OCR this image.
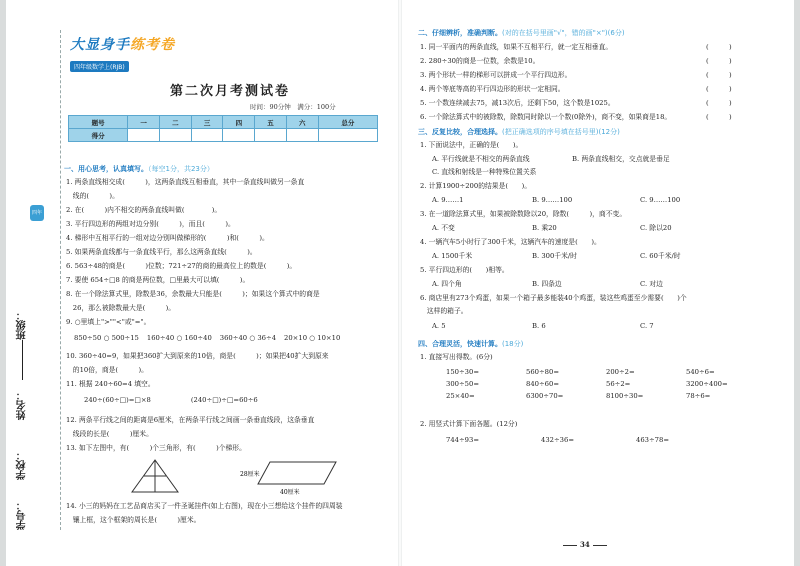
四年级数学
班级：
姓名：
学校：
学号：
大显身手练考卷
四年级数学上(RJB)
第二次月考测试卷
时间：90分钟　满分：100分
题号	一	二	三	四	五	六	总分
得分							
一、用心思考，认真填写。（每空1分，共23分）
1. 两条直线相交成(　　　)，这两条直线互相垂直，其中一条直线叫做另一条直
　线的(　　　)。
2. 在(　　　)内不相交的两条直线叫做(　　　　)。
3. 平行四边形的两组对边分别(　　　)，而且(　　　)。
4. 梯形中互相平行的一组对边分别叫做梯形的(　　　)和(　　　)。
5. 如果两条直线都与一条直线平行，那么这两条直线(　　　)。
6. 563÷48的商是(　　　)位数；721÷27的商的最高位上的数是(　　　)。
7. 要使 654÷□8 的商是两位数，□里最大可以填(　　　)。
8. 在一个除法算式里，除数是36，余数最大只能是(　　　)；如果这个算式中的商是
　26，那么被除数最大是(　　　)。
9. ○里填上">""<"或"="。
850÷50 ○ 500÷15 160÷40 ○ 160÷40 360÷40 ○ 36÷4 20×10 ○ 10×10
10. 360÷40=9，如果把360扩大到原来的10倍，商是(　　　)；如果把40扩大到原来
　的10倍，商是(　　　)。
11. 根据 240÷60=4 填空。
240÷(60÷□)=□×8	(240÷□)÷□=60÷6
12. 两条平行线之间的距离是6厘米，在两条平行线之间画一条垂直线段，这条垂直
　线段的长是(　　　)厘米。
13. 如下左图中，有(　　　)个三角形，有(　　　)个梯形。
28厘米
40厘米
14. 小三的妈妈在工艺品商店买了一件圣诞挂件(如上右图)，现在小三想给这个挂件的四周装
　镶上框，这个框架的周长是(　　　)厘米。
二、仔细辨析，准确判断。(对的在括号里画"√"，错的画"×")(6分)
1. 同一平面内的两条直线，如果不互相平行，就一定互相垂直。
2. 280÷30的商是一位数，余数是10。
3. 两个形状一样的梯形可以拼成一个平行四边形。
4. 两个等底等高的平行四边形的形状一定相同。
5. 一个数连续减去75，减13次后，还剩下50，这个数是1025。
6. 一个除法算式中的被除数，除数同时除以一个数(0除外)，商不变，如果商是18。
(　　　)
(　　　)
(　　　)
(　　　)
(　　　)
(　　　)
三、反复比较，合理选择。(把正确选项的序号填在括号里)(12分)
1. 下面说法中，正确的是(　　)。
A. 平行线就是不相交的两条直线	B. 两条直线相交，交点就是垂足
C. 直线和射线是一种特殊位置关系
2. 计算1900÷200的结果是(　　)。
A. 9……1	B. 9……100	C. 9……100
3. 在一道除法算式里，如果被除数除以20，除数(　　　)，商不变。
A. 不变	B. 乘20	C. 除以20
4. 一辆汽车5小时行了300千米，这辆汽车的速度是(　　)。
A. 1500千米	B. 300千米/时	C. 60千米/时
5. 平行四边形的(　　)相等。
A. 四个角	B. 四条边	C. 对边
6. 商店里有273个鸡蛋，如果一个箱子最多能装40个鸡蛋，装这些鸡蛋至少需要(　　)个
　这样的箱子。
A. 5	B. 6	C. 7
四、合理灵活，快速计算。(18分)
1. 直接写出得数。(6分)
150÷30=	560÷80=	200÷2=	540÷6=
300÷50=	840÷60=	56÷2=	3200÷400=
25×40=	6300÷70=	8100÷30=	78÷6=
2. 用竖式计算下面各题。(12分)
744÷93=	432÷36=	463÷78=
34
